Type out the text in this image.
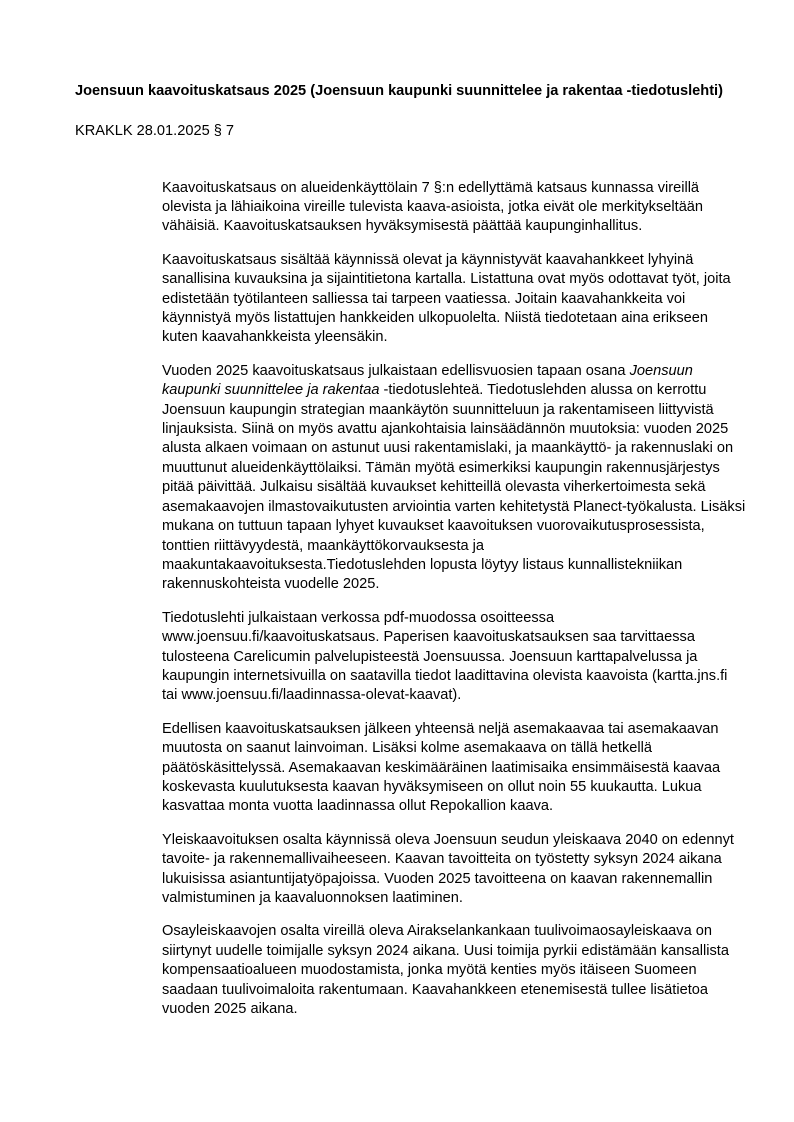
Joensuun kaavoituskatsaus 2025 (Joensuun kaupunki suunnittelee ja rakentaa -tiedotuslehti)

KRAKLK 28.01.2025 § 7

Kaavoituskatsaus on alueidenkäyttölain 7 §:n edellyttämä katsaus kunnassa vireillä olevista ja lähiaikoina vireille tulevista kaava-asioista, jotka eivät ole merkitykseltään vähäisiä. Kaavoituskatsauksen hyväksymisestä päättää kaupunginhallitus.

Kaavoituskatsaus sisältää käynnissä olevat ja käynnistyvät kaavahankkeet lyhyinä sanallisina kuvauksina ja sijaintitietona kartalla. Listattuna ovat myös odottavat työt, joita edistetään työtilanteen salliessa tai tarpeen vaatiessa. Joitain kaavahankkeita voi käynnistyä myös listattujen hankkeiden ulkopuolelta. Niistä tiedotetaan aina erikseen kuten kaavahankkeista yleensäkin.

Vuoden 2025 kaavoituskatsaus julkaistaan edellisvuosien tapaan osana Joensuun kaupunki suunnittelee ja rakentaa -tiedotuslehteä. Tiedotuslehden alussa on kerrottu Joensuun kaupungin strategian maankäytön suunnitteluun ja rakentamiseen liittyvistä linjauksista. Siinä on myös avattu ajankohtaisia lainsäädännön muutoksia: vuoden 2025 alusta alkaen voimaan on astunut uusi rakentamislaki, ja maankäyttö- ja rakennuslaki on muuttunut alueidenkäyttölaiksi. Tämän myötä esimerkiksi kaupungin rakennusjärjestys pitää päivittää. Julkaisu sisältää kuvaukset kehitteillä olevasta viherkertoimesta sekä asemakaavojen ilmastovaikutusten arviointia varten kehitetystä Planect-työkalusta. Lisäksi mukana on tuttuun tapaan lyhyet kuvaukset kaavoituksen vuorovaikutusprosessista, tonttien riittävyydestä, maankäyttökorvauksesta ja maakuntakaavoituksesta.Tiedotuslehden lopusta löytyy listaus kunnallistekniikan rakennuskohteista vuodelle 2025.

Tiedotuslehti julkaistaan verkossa pdf-muodossa osoitteessa www.joensuu.fi/kaavoituskatsaus. Paperisen kaavoituskatsauksen saa tarvittaessa tulosteena Carelicumin palvelupisteestä Joensuussa. Joensuun karttapalvelussa ja kaupungin internetsivuilla on saatavilla tiedot laadittavina olevista kaavoista (kartta.jns.fi tai www.joensuu.fi/laadinnassa-olevat-kaavat).

Edellisen kaavoituskatsauksen jälkeen yhteensä neljä asemakaavaa tai asemakaavan muutosta on saanut lainvoiman. Lisäksi kolme asemakaava on tällä hetkellä päätöskäsittelyssä. Asemakaavan keskimääräinen laatimisaika ensimmäisestä kaavaa koskevasta kuulutuksesta kaavan hyväksymiseen on ollut noin 55 kuukautta. Lukua kasvattaa monta vuotta laadinnassa ollut Repokallion kaava.

Yleiskaavoituksen osalta käynnissä oleva Joensuun seudun yleiskaava 2040 on edennyt tavoite- ja rakennemallivaiheeseen. Kaavan tavoitteita on työstetty syksyn 2024 aikana lukuisissa asiantuntijatyöpajoissa. Vuoden 2025 tavoitteena on kaavan rakennemallin valmistuminen ja kaavaluonnoksen laatiminen.

Osayleiskaavojen osalta vireillä oleva Airakselankankaan tuulivoimaosayleiskaava on siirtynyt uudelle toimijalle syksyn 2024 aikana. Uusi toimija pyrkii edistämään kansallista kompensaatioalueen muodostamista, jonka myötä kenties myös itäiseen Suomeen saadaan tuulivoimaloita rakentumaan. Kaavahankkeen etenemisestä tullee lisätietoa vuoden 2025 aikana.
